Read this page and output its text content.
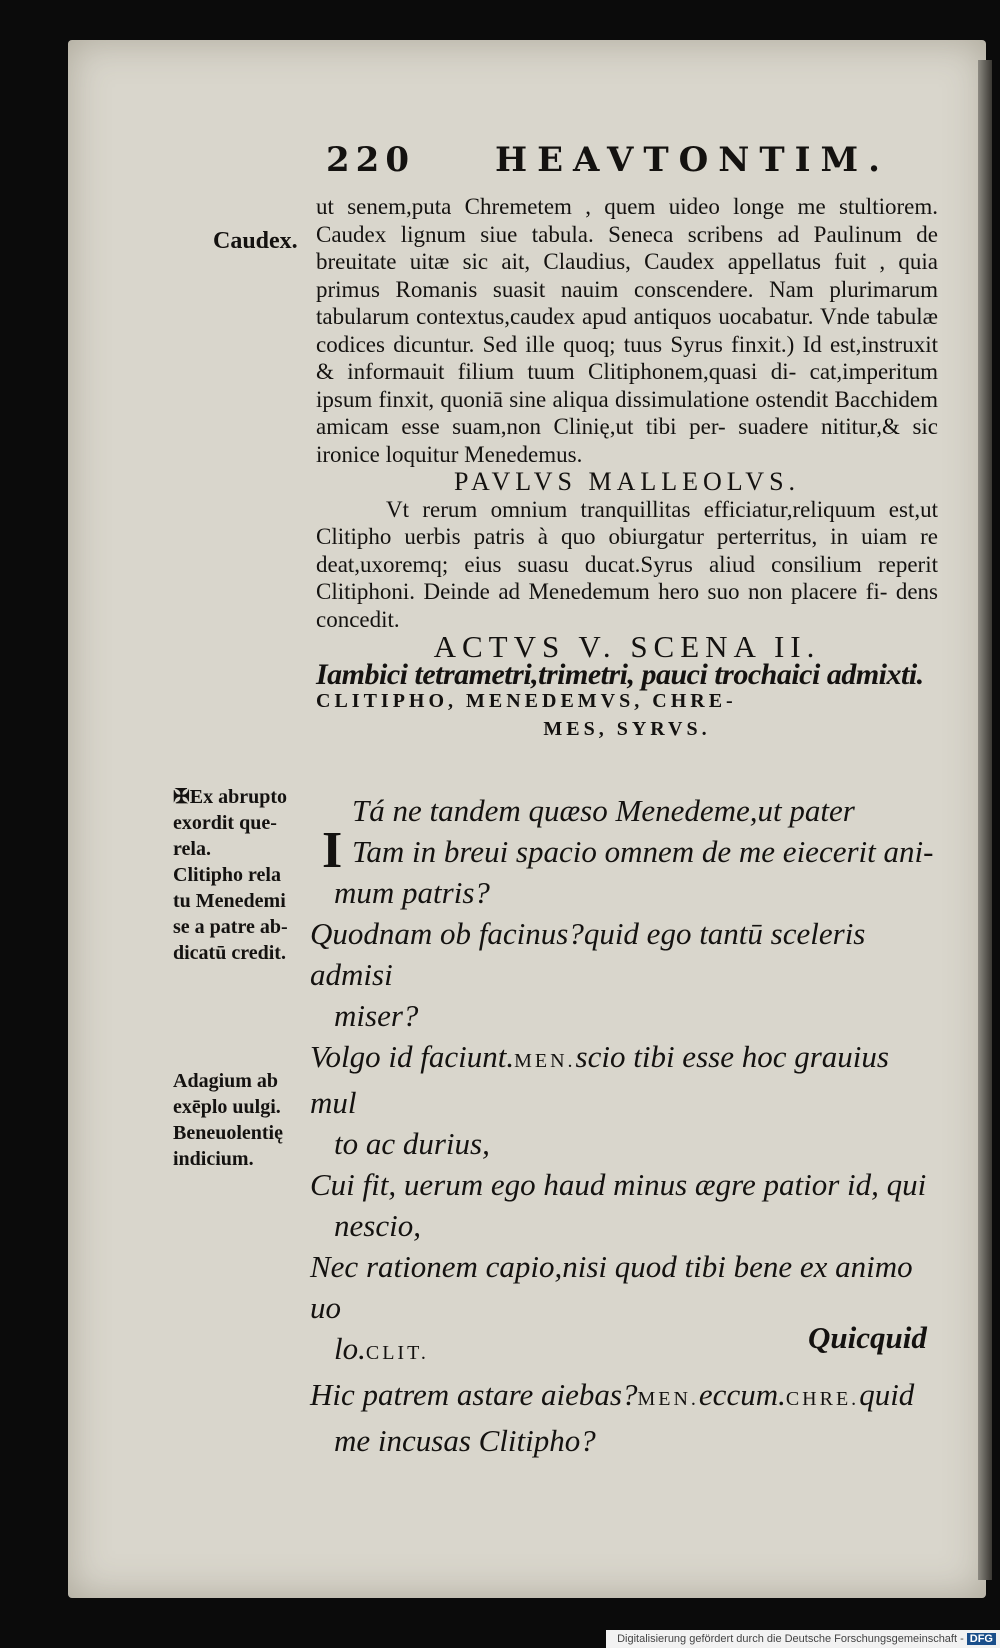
220 HEAVTONTIM.
Caudex.
✠Ex abrupto
exordit que-
rela.
Clitipho rela
tu Menedemi
se a patre ab-
dicatū credit.
Adagium ab
exēplo uulgi.
Beneuolentię
indicium.

ut senem,puta Chremetem , quem uideo longe me stultiorem. Caudex lignum siue tabula. Seneca scribens ad Paulinum de breuitate uitæ sic ait, Claudius, Caudex appellatus fuit , quia primus Romanis suasit nauim conscendere. Nam plurimarum tabularum contextus,caudex apud antiquos uocabatur. Vnde tabulæ codices dicuntur. Sed ille quoq; tuus Syrus finxit.) Id est,instruxit & informauit filium tuum Clitiphonem,quasi di- cat,imperitum ipsum finxit, quoniā sine aliqua dissimulatione ostendit Bacchidem amicam esse suam,non Clinię,ut tibi per- suadere nititur,& sic ironice loquitur Menedemus.

PAVLVS MALLEOLVS.

Vt rerum omnium tranquillitas efficiatur,reliquum est,ut Clitipho uerbis patris à quo obiurgatur perterritus, in uiam re deat,uxoremq; eius suasu ducat.Syrus aliud consilium reperit Clitiphoni. Deinde ad Menedemum hero suo non placere fi- dens concedit.

ACTVS V. SCENA II.

Iambici tetrametri,trimetri, pauci trochaici admixti.

CLITIPHO, MENEDEMVS, CHRE-

MES, SYRVS.

I

Tá ne tandem quæso Menedeme,ut pater

Tam in breui spacio omnem de me eiecerit ani-

mum patris?

Quodnam ob facinus?quid ego tantū sceleris admisi

miser?

Volgo id faciunt.MEN.scio tibi esse hoc grauius mul

to ac durius,

Cui fit, uerum ego haud minus ægre patior id, qui

nescio,

Nec rationem capio,nisi quod tibi bene ex animo uo

lo.CLIT.

Hic patrem astare aiebas?MEN.eccum.CHRE.quid

me incusas Clitipho?

Quicquid
Digitalisierung gefördert durch die Deutsche Forschungsgemeinschaft - DFG
